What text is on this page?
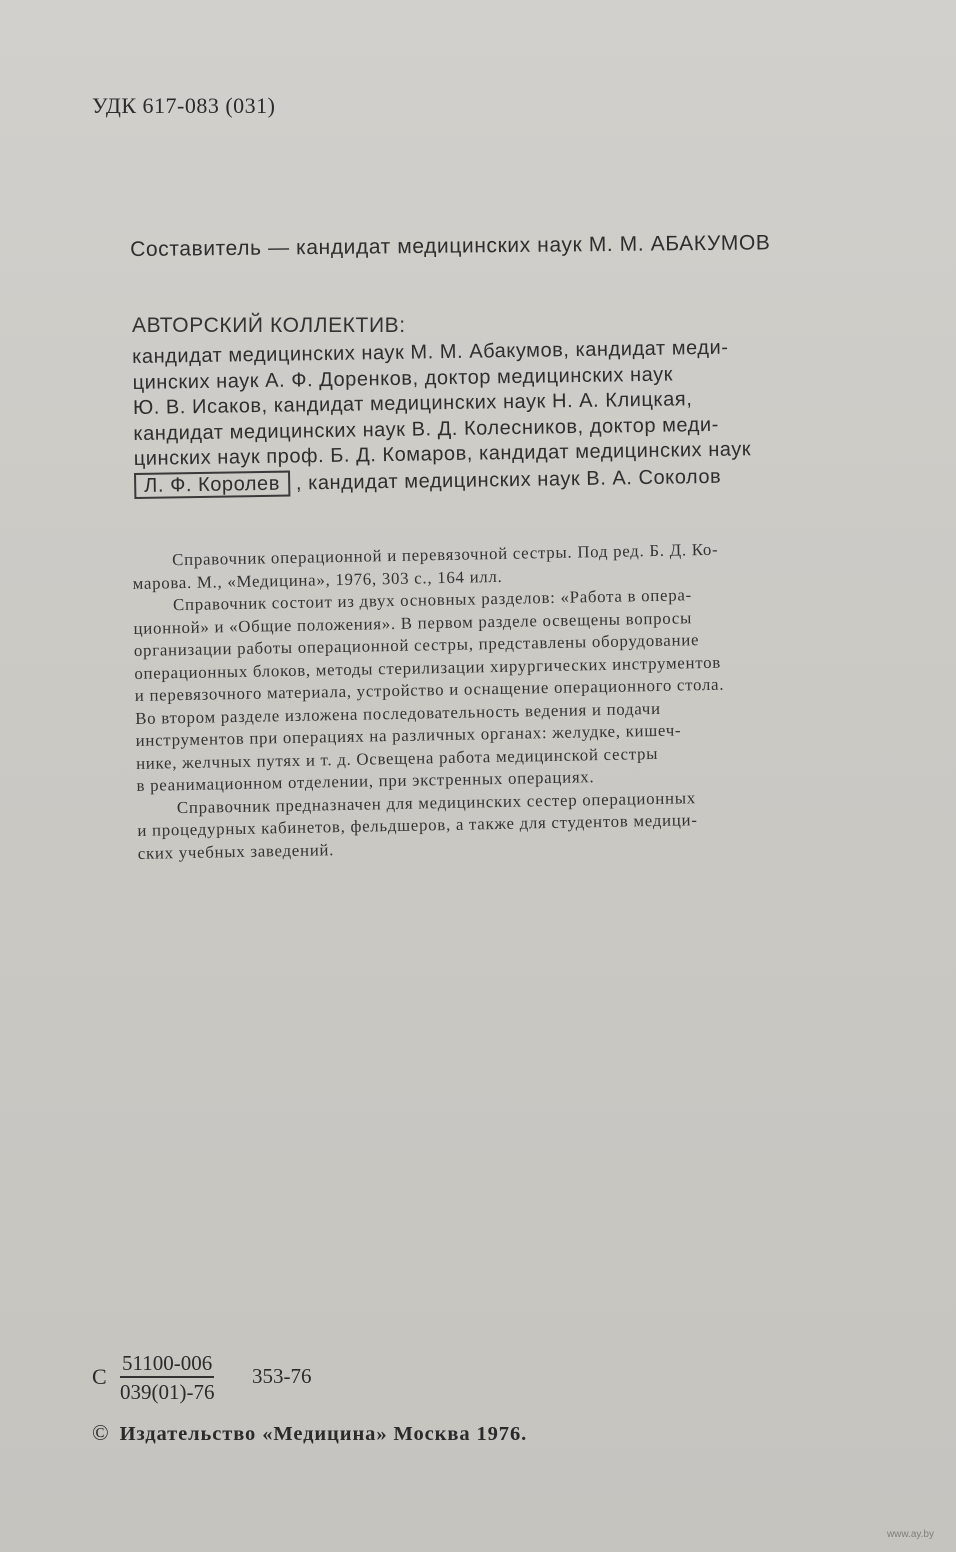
УДК 617-083 (031)
Составитель — кандидат медицинских наук М. М. АБАКУМОВ
АВТОРСКИЙ КОЛЛЕКТИВ:
кандидат медицинских наук М. М. Абакумов, кандидат меди-
цинских наук А. Ф. Доренков, доктор медицинских наук
Ю. В. Исаков, кандидат медицинских наук Н. А. Клицкая,
кандидат медицинских наук В. Д. Колесников, доктор меди-
цинских наук проф. Б. Д. Комаров, кандидат медицинских наук
Л. Ф. Королев , кандидат медицинских наук В. А. Соколов
Справочник операционной и перевязочной сестры. Под ред. Б. Д. Ко-
марова. М., «Медицина», 1976, 303 с., 164 илл.
Справочник состоит из двух основных разделов: «Работа в опера-
ционной» и «Общие положения». В первом разделе освещены вопросы
организации работы операционной сестры, представлены оборудование
операционных блоков, методы стерилизации хирургических инструментов
и перевязочного материала, устройство и оснащение операционного стола.
Во втором разделе изложена последовательность ведения и подачи
инструментов при операциях на различных органах: желудке, кишеч-
нике, желчных путях и т. д. Освещена работа медицинской сестры
в реанимационном отделении, при экстренных операциях.
Справочник предназначен для медицинских сестер операционных
и процедурных кабинетов, фельдшеров, а также для студентов медици-
ских учебных заведений.
С $\frac{51100-006}{039(01)-76} 353-76$
© Издательство «Медицина» Москва 1976.
www.ay.by
